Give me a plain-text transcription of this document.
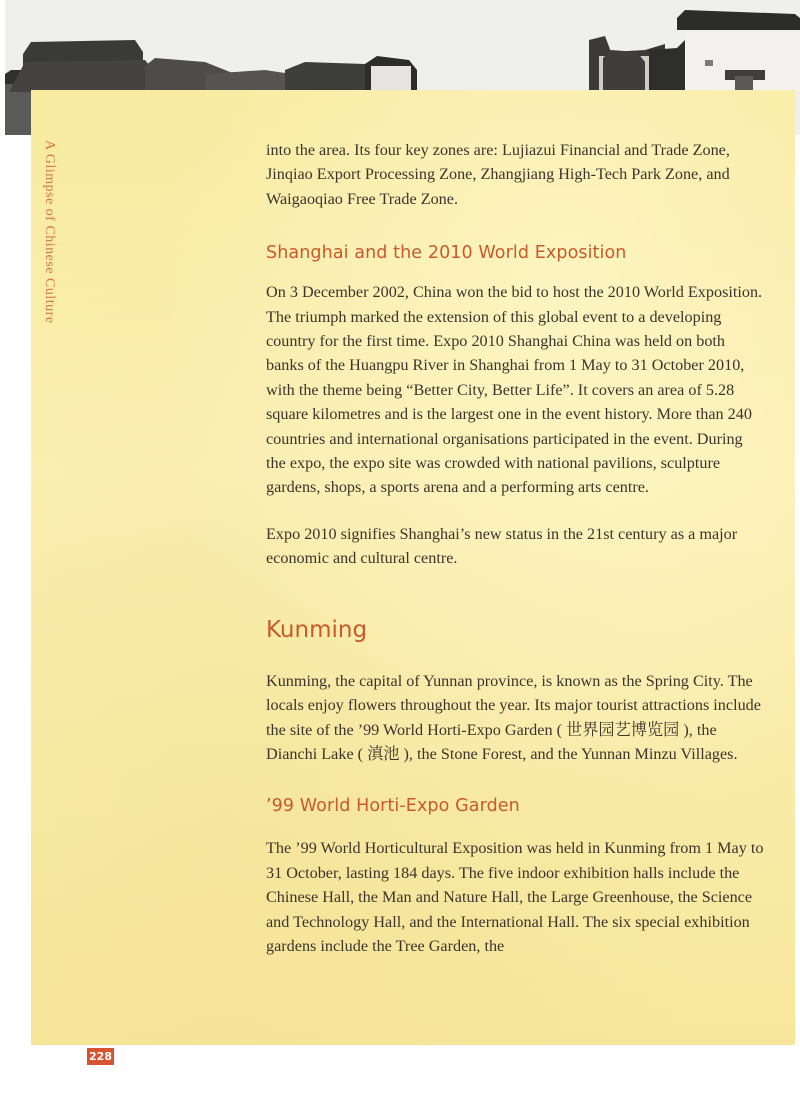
A Glimpse of Chinese Culture	into the area. Its four key zones are: Lujiazui Financial and Trade Zone, Jinqiao Export Processing Zone, Zhangjiang High-Tech Park Zone, and Waigaoqiao Free Trade Zone.

Shanghai and the 2010 World Exposition

On 3 December 2002, China won the bid to host the 2010 World Exposition. The triumph marked the extension of this global event to a developing country for the first time. Expo 2010 Shanghai China was held on both banks of the Huangpu River in Shanghai from 1 May to 31 October 2010, with the theme being “Better City, Better Life”. It covers an area of 5.28 square kilometres and is the largest one in the event history. More than 240 countries and international organisations participated in the event. During the expo, the expo site was crowded with national pavilions, sculpture gardens, shops, a sports arena and a performing arts centre.

Expo 2010 signifies Shanghai’s new status in the 21st century as a major economic and cultural centre.

Kunming

Kunming, the capital of Yunnan province, is known as the Spring City. The locals enjoy flowers throughout the year. Its major tourist attractions include the site of the ’99 World Horti-Expo Garden ( 世界园艺博览园 ), the Dianchi Lake ( 滇池 ), the Stone Forest, and the Yunnan Minzu Villages.

’99 World Horti-Expo Garden

The ’99 World Horticultural Exposition was held in Kunming from 1 May to 31 October, lasting 184 days. The five indoor exhibition halls include the Chinese Hall, the Man and Nature Hall, the Large Greenhouse, the Science and Technology Hall, and the International Hall. The six special exhibition gardens include the Tree Garden, the

228
